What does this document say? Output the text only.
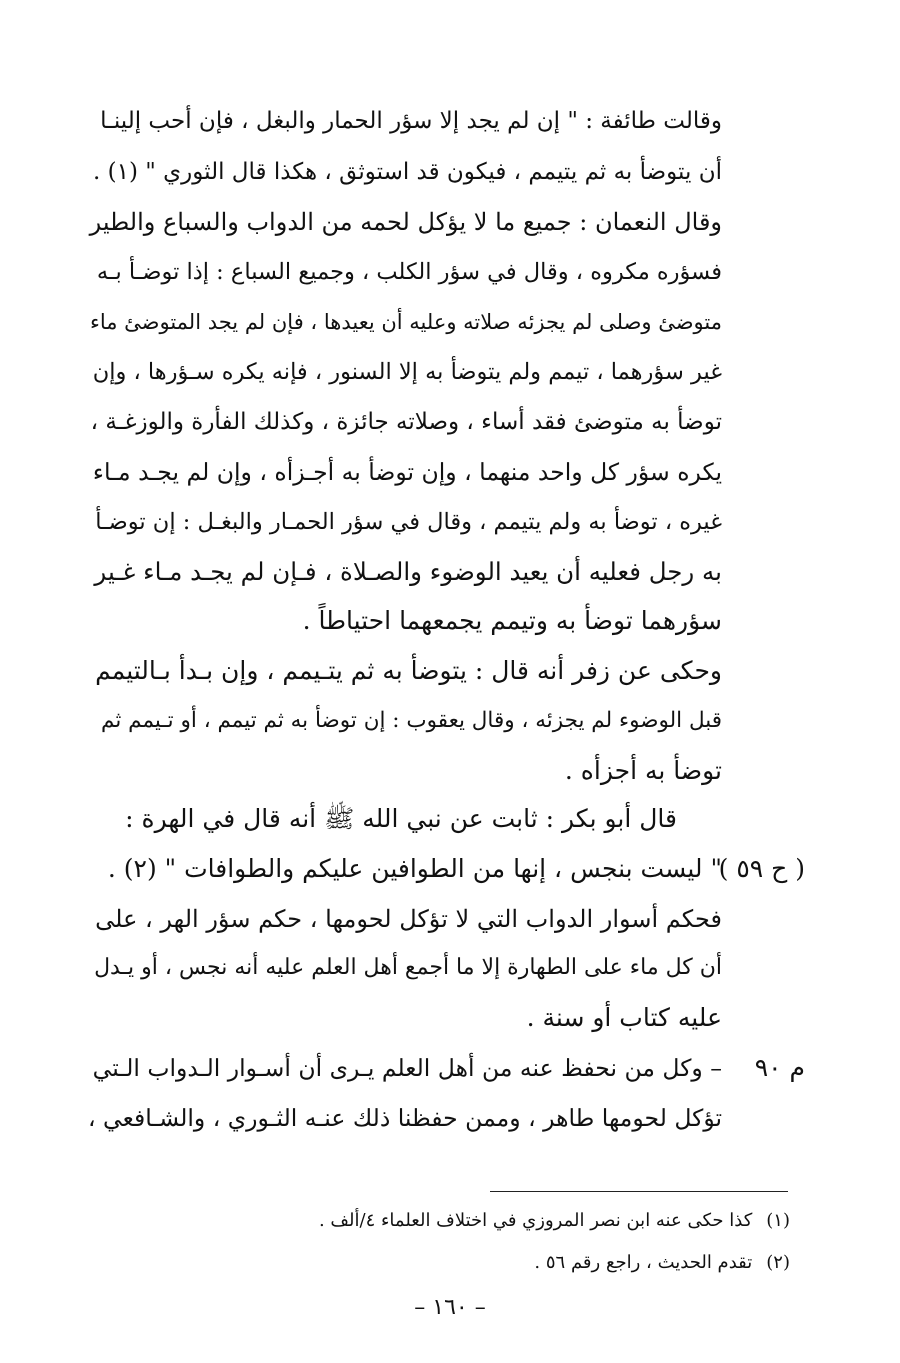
وقالت طائفة : " إن لم يجد إلا سؤر الحمار والبغل ، فإن أحب إلينـا
أن يتوضأ به ثم يتيمم ، فيكون قد استوثق ، هكذا قال الثوري " (١) .
وقال النعمان : جميع ما لا يؤكل لحمه من الدواب والسباع والطير
فسؤره مكروه ، وقال في سؤر الكلب ، وجميع السباع : إذا توضـأ بـه
متوضئ وصلى لم يجزئه صلاته وعليه أن يعيدها ، فإن لم يجد المتوضئ ماء
غير سؤرهما ، تيمم ولم يتوضأ به إلا السنور ، فإنه يكره سـؤرها ، وإن
توضأ به متوضئ فقد أساء ، وصلاته جائزة ، وكذلك الفأرة والوزغـة ،
يكره سؤر كل واحد منهما ، وإن توضأ به أجـزأه ، وإن لم يجـد مـاء
غيره ، توضأ به ولم يتيمم ، وقال في سؤر الحمـار والبغـل : إن توضـأ
به رجل فعليه أن يعيد الوضوء والصـلاة ، فـإن لم يجـد مـاء غـير
سؤرهما توضأ به وتيمم يجمعهما احتياطاً .
وحكى عن زفر أنه قال : يتوضأ به ثم يتـيمم ، وإن بـدأ بـالتيمم
قبل الوضوء لم يجزئه ، وقال يعقوب : إن توضأ به ثم تيمم ، أو تـيمم ثم
توضأ به أجزأه .
قال أبو بكر : ثابت عن نبي الله ﷺ أنه قال في الهرة :
" ليست بنجس ، إنها من الطوافين عليكم والطوافات " (٢) .
فحكم أسوار الدواب التي لا تؤكل لحومها ، حكم سؤر الهر ، على
أن كل ماء على الطهارة إلا ما أجمع أهل العلم عليه أنه نجس ، أو يـدل
عليه كتاب أو سنة .
– وكل من نحفظ عنه من أهل العلم يـرى أن أسـوار الـدواب الـتي
تؤكل لحومها طاهر ، وممن حفظنا ذلك عنـه الثـوري ، والشـافعي ،
( ح ٥٩ )
م ٩٠
(١)كذا حكى عنه ابن نصر المروزي في اختلاف العلماء ٤/ألف .
(٢)تقدم الحديث ، راجع رقم ٥٦ .
– ١٦٠ –
